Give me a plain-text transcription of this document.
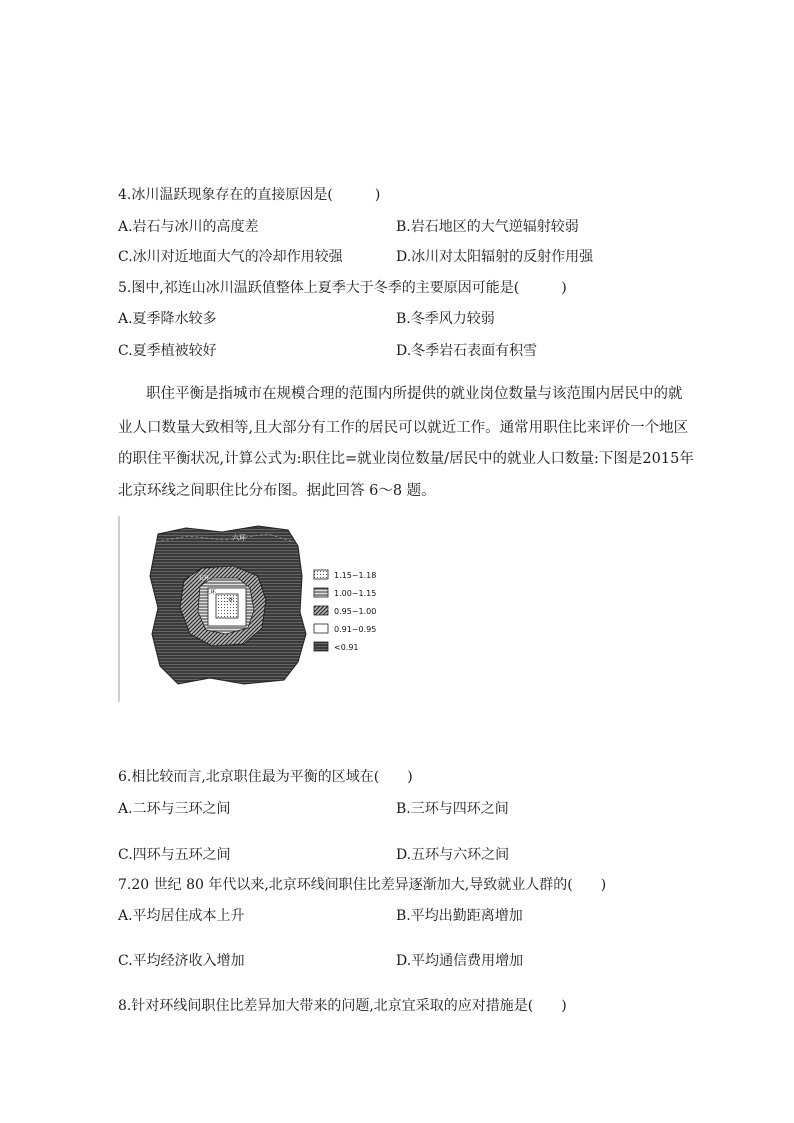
4.冰川温跃现象存在的直接原因是(　　　)
A.岩石与冰川的高度差	B.岩石地区的大气逆辐射较弱
C.冰川对近地面大气的冷却作用较强	D.冰川对太阳辐射的反射作用强
5.图中,祁连山冰川温跃值整体上夏季大于冬季的主要原因可能是(　　　)
A.夏季降水较多	B.冬季风力较弱
C.夏季植被较好	D.冬季岩石表面有积雪
职住平衡是指城市在规模合理的范围内所提供的就业岗位数量与该范围内居民中的就
业人口数量大致相等,且大部分有工作的居民可以就近工作。通常用职住比来评价一个地区
的职住平衡状况,计算公式为:职住比=就业岗位数量/居民中的就业人口数量:下图是2015年
北京环线之间职住比分布图。据此回答 6～8 题。
六环
五环
三环
二环
1.15~1.18
1.00~1.15
0.95~1.00
0.91~0.95
<0.91
6.相比较而言,北京职住最为平衡的区域在(　　)
A.二环与三环之间	B.三环与四环之间
C.四环与五环之间	D.五环与六环之间
7.20 世纪 80 年代以来,北京环线间职住比差异逐渐加大,导致就业人群的(　　)
A.平均居住成本上升	B.平均出勤距离增加
C.平均经济收入增加	D.平均通信费用增加
8.针对环线间职住比差异加大带来的问题,北京宜采取的应对措施是(　　)
